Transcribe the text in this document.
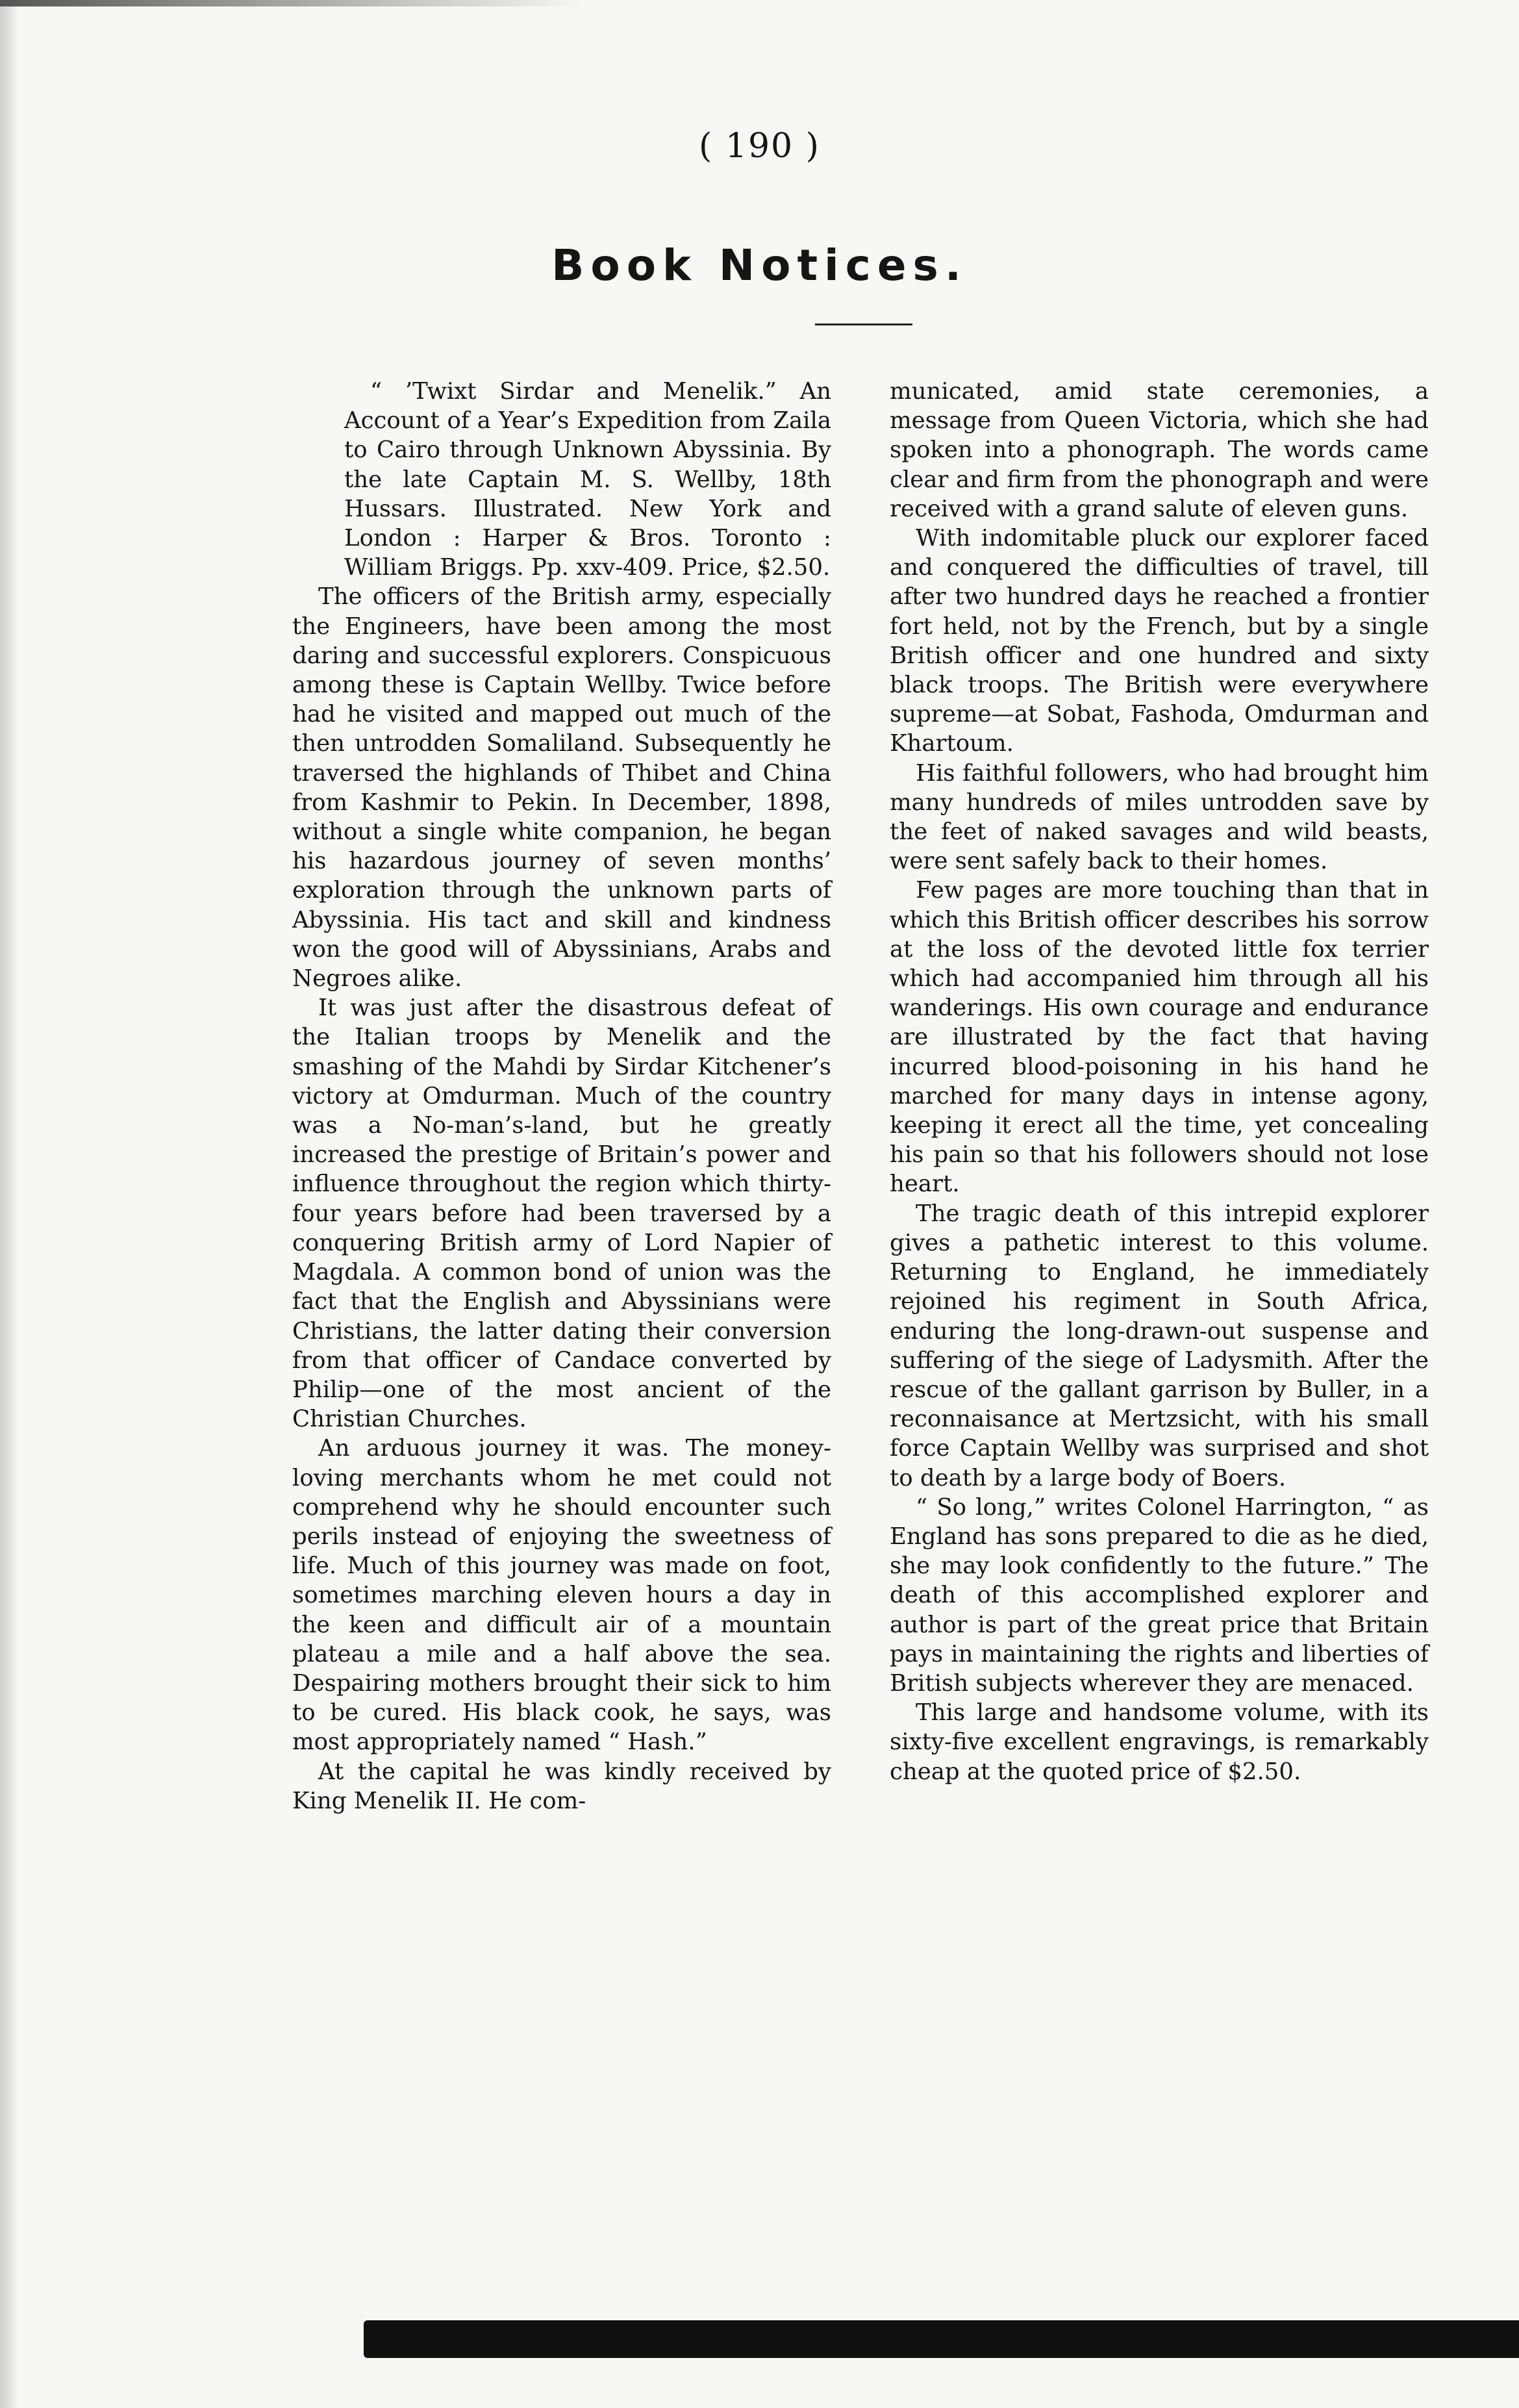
( 190 )
Book Notices.

“ ’Twixt Sirdar and Menelik.” An Account of a Year’s Expedition from Zaila to Cairo through Unknown Abyssinia. By the late Captain M. S. Wellby, 18th Hussars. Illustrated. New York and London : Harper & Bros. Toronto : William Briggs. Pp. xxv-409. Price, $2.50.

The officers of the British army, especially the Engineers, have been among the most daring and successful explorers. Conspicuous among these is Captain Wellby. Twice before had he visited and mapped out much of the then untrodden Somaliland. Subsequently he traversed the highlands of Thibet and China from Kashmir to Pekin. In December, 1898, without a single white companion, he began his hazardous journey of seven months’ exploration through the unknown parts of Abyssinia. His tact and skill and kindness won the good will of Abyssinians, Arabs and Negroes alike.

It was just after the disastrous defeat of the Italian troops by Menelik and the smashing of the Mahdi by Sirdar Kitchener’s victory at Omdurman. Much of the country was a No-man’s-land, but he greatly increased the prestige of Britain’s power and influence throughout the region which thirty-four years before had been traversed by a conquering British army of Lord Napier of Magdala. A common bond of union was the fact that the English and Abyssinians were Christians, the latter dating their conversion from that officer of Candace converted by Philip—one of the most ancient of the Christian Churches.

An arduous journey it was. The money-loving merchants whom he met could not comprehend why he should encounter such perils instead of enjoying the sweetness of life. Much of this journey was made on foot, sometimes marching eleven hours a day in the keen and difficult air of a mountain plateau a mile and a half above the sea. Despairing mothers brought their sick to him to be cured. His black cook, he says, was most appropriately named “ Hash.”

At the capital he was kindly received by King Menelik II. He com-

municated, amid state ceremonies, a message from Queen Victoria, which she had spoken into a phonograph. The words came clear and firm from the phonograph and were received with a grand salute of eleven guns.

With indomitable pluck our explorer faced and conquered the difficulties of travel, till after two hundred days he reached a frontier fort held, not by the French, but by a single British officer and one hundred and sixty black troops. The British were everywhere supreme—at Sobat, Fashoda, Omdurman and Khartoum.

His faithful followers, who had brought him many hundreds of miles untrodden save by the feet of naked savages and wild beasts, were sent safely back to their homes.

Few pages are more touching than that in which this British officer describes his sorrow at the loss of the devoted little fox terrier which had accompanied him through all his wanderings. His own courage and endurance are illustrated by the fact that having incurred blood-poisoning in his hand he marched for many days in intense agony, keeping it erect all the time, yet concealing his pain so that his followers should not lose heart.

The tragic death of this intrepid explorer gives a pathetic interest to this volume. Returning to England, he immediately rejoined his regiment in South Africa, enduring the long-drawn-out suspense and suffering of the siege of Ladysmith. After the rescue of the gallant garrison by Buller, in a reconnaisance at Mertzsicht, with his small force Captain Wellby was surprised and shot to death by a large body of Boers.

“ So long,” writes Colonel Harrington, “ as England has sons prepared to die as he died, she may look confidently to the future.” The death of this accomplished explorer and author is part of the great price that Britain pays in maintaining the rights and liberties of British subjects wherever they are menaced.

This large and handsome volume, with its sixty-five excellent engravings, is remarkably cheap at the quoted price of $2.50.
